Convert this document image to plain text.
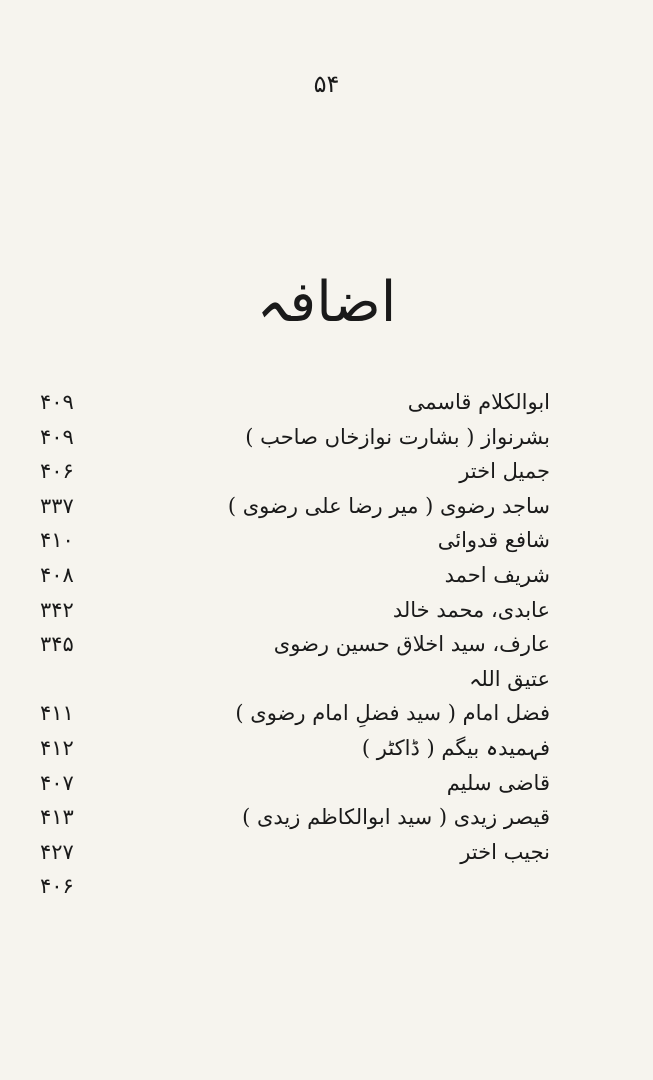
۵۴
اضافہ
ابوالکلام قاسمی
۴۰۹
بشرنواز ( بشارت نوازخاں صاحب )
۴۰۹
جمیل اختر
۴۰۶
ساجد رضوی ( میر رضا علی رضوی )
۳۳۷
شافع قدوائی
۴۱۰
شریف احمد
۴۰۸
عابدی، محمد خالد
۳۴۲
عارف، سید اخلاق حسین رضوی
۳۴۵
عتیق اللہ
فضل امام ( سید فضلِ امام رضوی )
۴۱۱
فہمیدہ بیگم ( ڈاکٹر )
۴۱۲
قاضی سلیم
۴۰۷
قیصر زیدی ( سید ابوالکاظم زیدی )
۴۱۳
نجیب اختر
۴۲۷
۴۰۶
